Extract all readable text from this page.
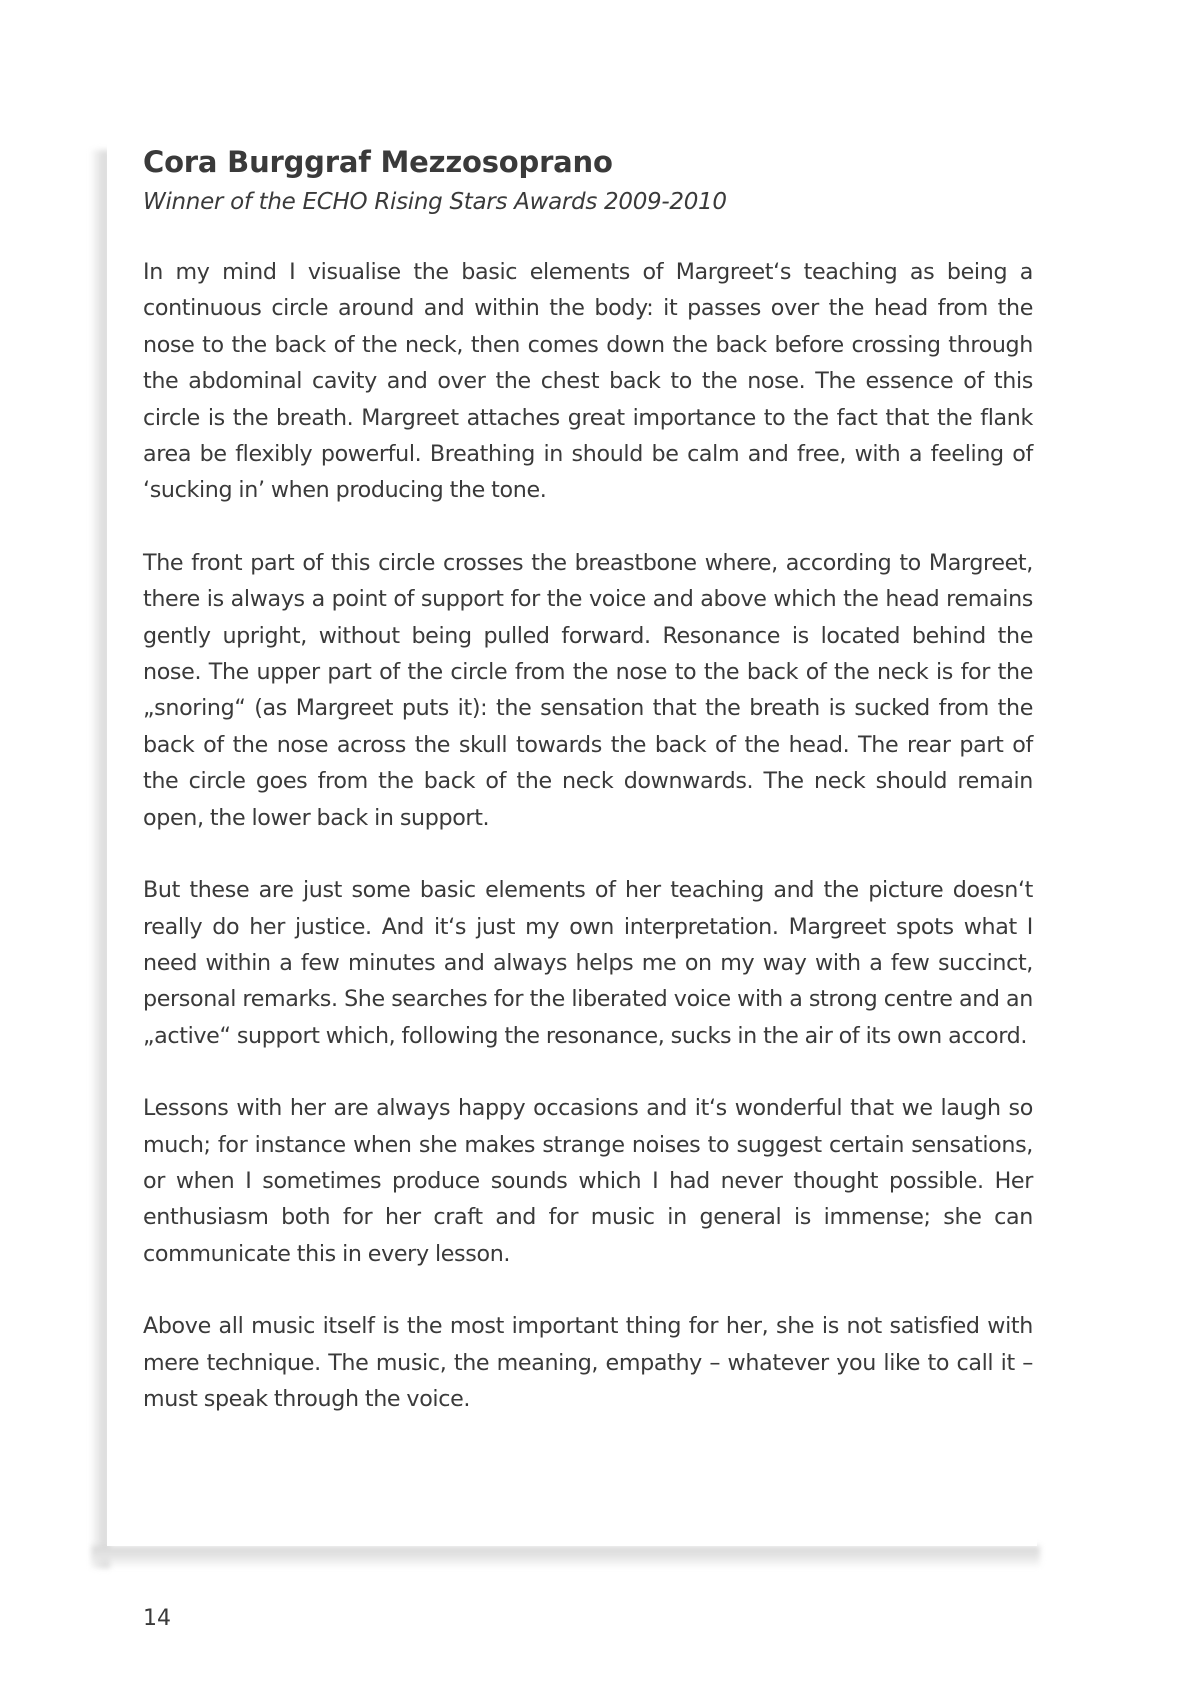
Cora Burggraf Mezzosoprano

Winner of the ECHO Rising Stars Awards 2009-2010

In my mind I visualise the basic elements of Margreet‘s teaching as being a continuous circle around and within the body: it passes over the head from the nose to the back of the neck, then comes down the back before crossing through the abdominal cavity and over the chest back to the nose. The essence of this circle is the breath. Margreet attaches great importance to the fact that the flank area be flexibly powerful. Breathing in should be calm and free, with a feeling of ‘sucking in’ when producing the tone.

The front part of this circle crosses the breastbone where, according to Margreet, there is always a point of support for the voice and above which the head remains gently upright, without being pulled forward. Resonance is located behind the nose. The upper part of the circle from the nose to the back of the neck is for the „snoring“ (as Margreet puts it): the sensation that the breath is sucked from the back of the nose across the skull towards the back of the head. The rear part of the circle goes from the back of the neck downwards. The neck should remain open, the lower back in support.

But these are just some basic elements of her teaching and the picture doesn‘t really do her justice. And it‘s just my own interpretation. Margreet spots what I need within a few minutes and always helps me on my way with a few succinct, personal remarks. She searches for the liberated voice with a strong centre and an „active“ support which, following the resonance, sucks in the air of its own accord.

Lessons with her are always happy occasions and it‘s wonderful that we laugh so much; for instance when she makes strange noises to suggest certain sensations, or when I sometimes produce sounds which I had never thought possible. Her enthusiasm both for her craft and for music in general is immense; she can communicate this in every lesson.

Above all music itself is the most important thing for her, she is not satisfied with mere technique. The music, the meaning, empathy – whatever you like to call it – must speak through the voice.

14
